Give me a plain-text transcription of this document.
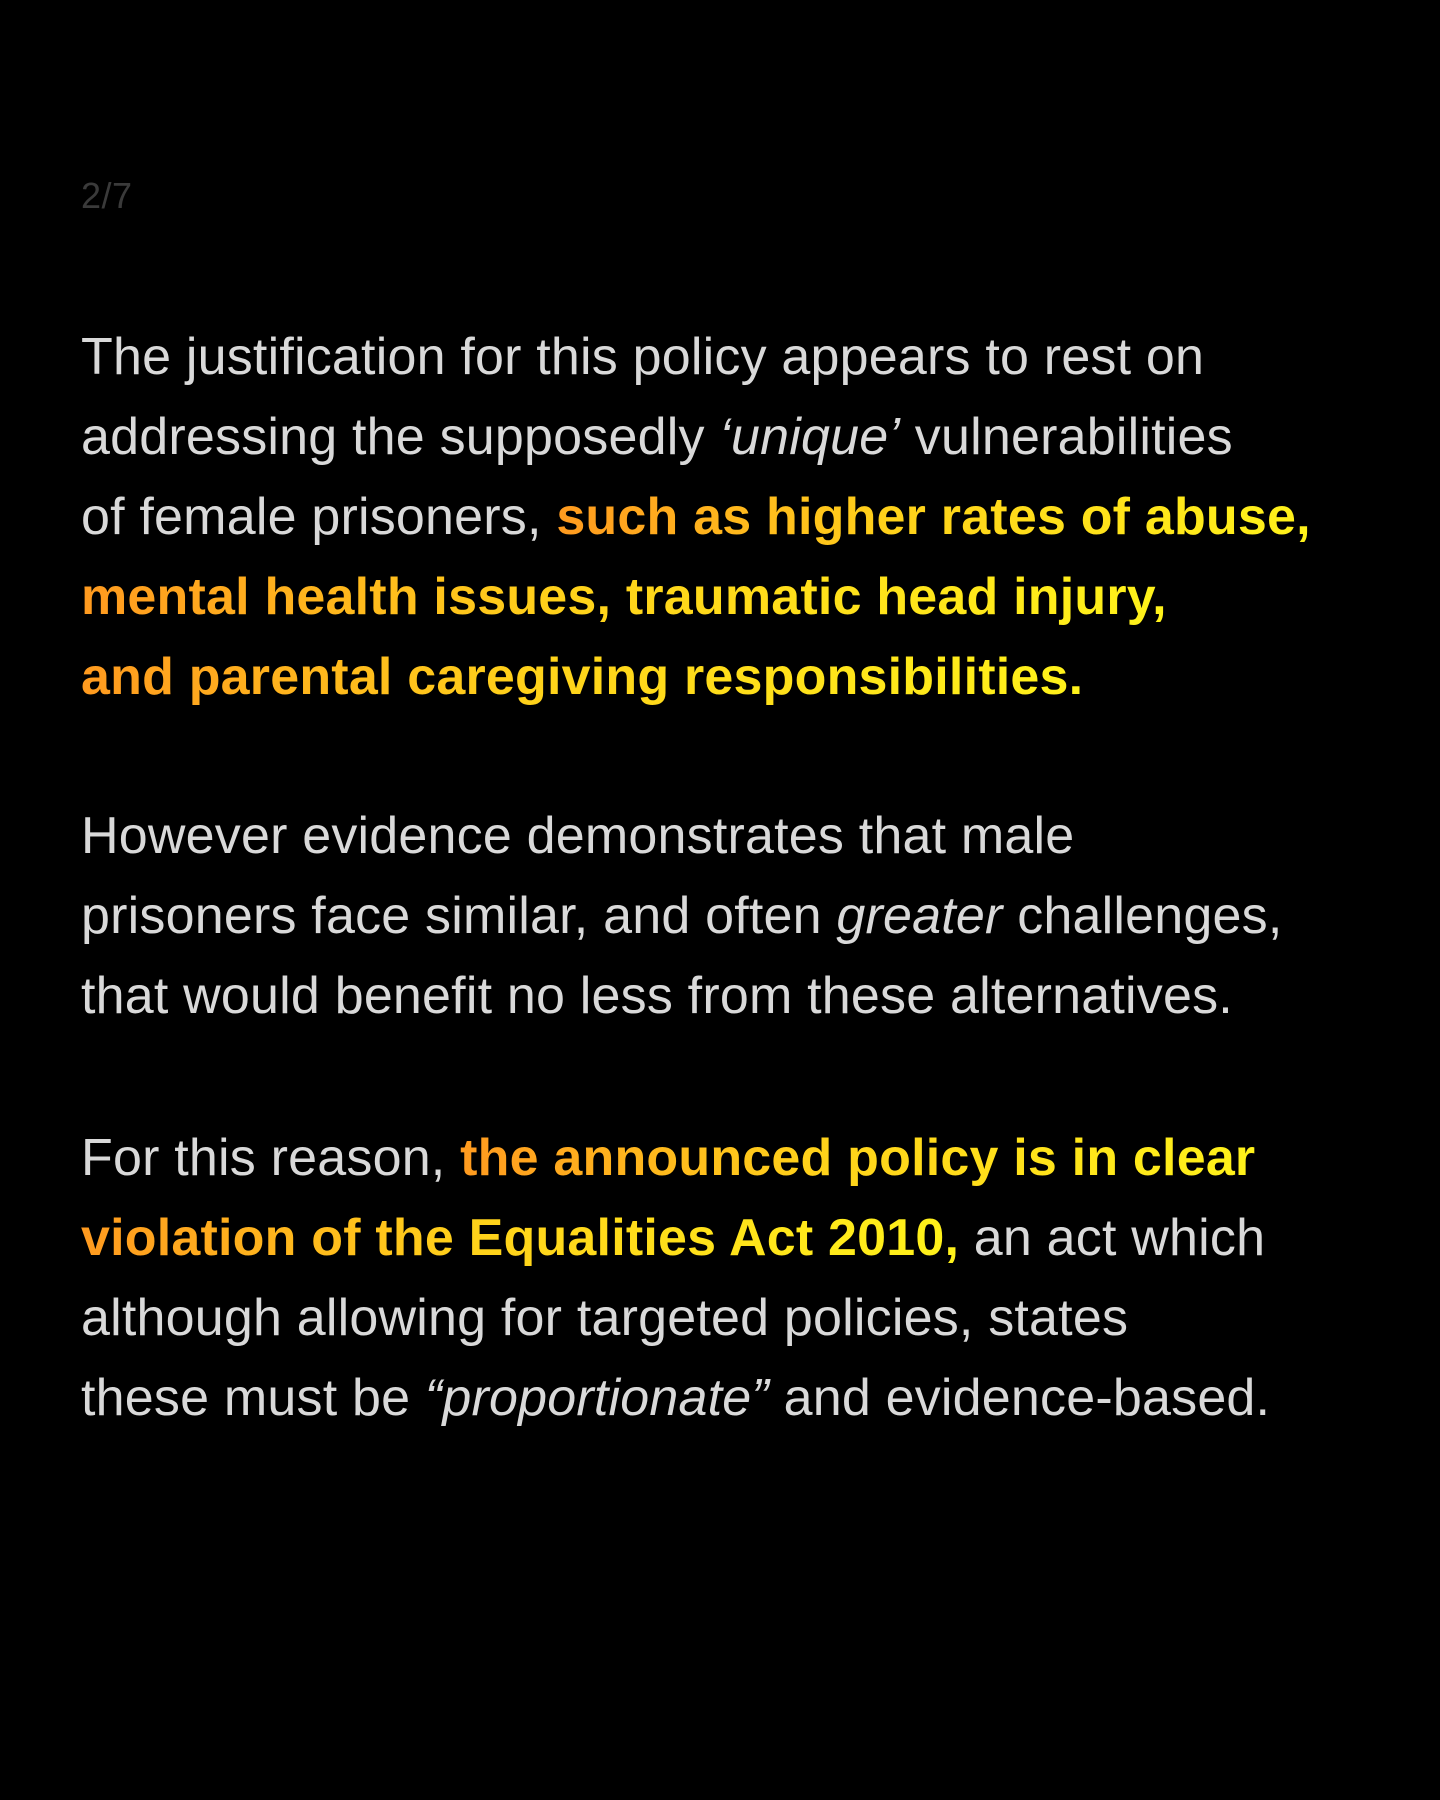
2/7

The justification for this policy appears to rest on
addressing the supposedly ‘unique’ vulnerabilities
of female prisoners, such as higher rates of abuse,
mental health issues, traumatic head injury,
and parental caregiving responsibilities.

However evidence demonstrates that male
prisoners face similar, and often greater challenges,
that would benefit no less from these alternatives.

For this reason, the announced policy is in clear
violation of the Equalities Act 2010, an act which
although allowing for targeted policies, states
these must be “proportionate” and evidence-based.
